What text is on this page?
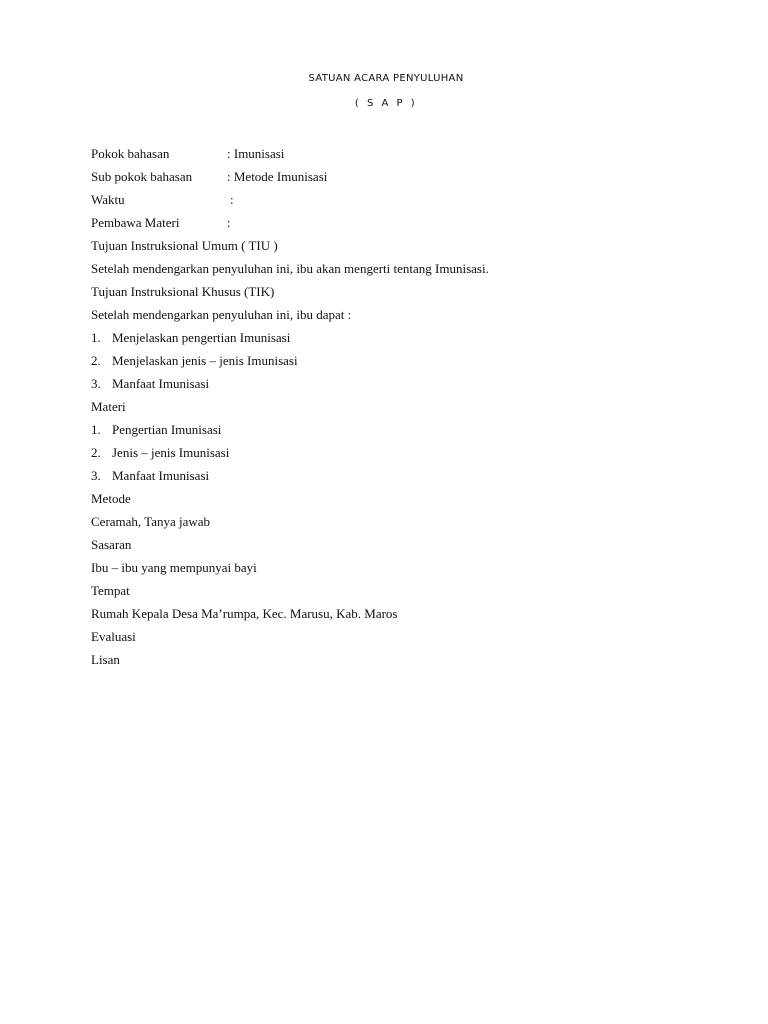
SATUAN ACARA PENYULUHAN
( S A P )
Pokok bahasan	: Imunisasi
Sub pokok bahasan	: Metode Imunisasi
Waktu	:
Pembawa Materi	:
Tujuan Instruksional Umum ( TIU )
Setelah mendengarkan penyuluhan ini, ibu akan mengerti tentang Imunisasi.
Tujuan Instruksional Khusus (TIK)
Setelah mendengarkan penyuluhan ini, ibu dapat :
1. Menjelaskan pengertian Imunisasi
2. Menjelaskan jenis – jenis Imunisasi
3. Manfaat Imunisasi
Materi
1. Pengertian Imunisasi
2. Jenis – jenis Imunisasi
3. Manfaat Imunisasi
Metode
Ceramah, Tanya jawab
Sasaran
Ibu – ibu yang mempunyai bayi
Tempat
Rumah Kepala Desa Ma’rumpa, Kec. Marusu, Kab. Maros
Evaluasi
Lisan
